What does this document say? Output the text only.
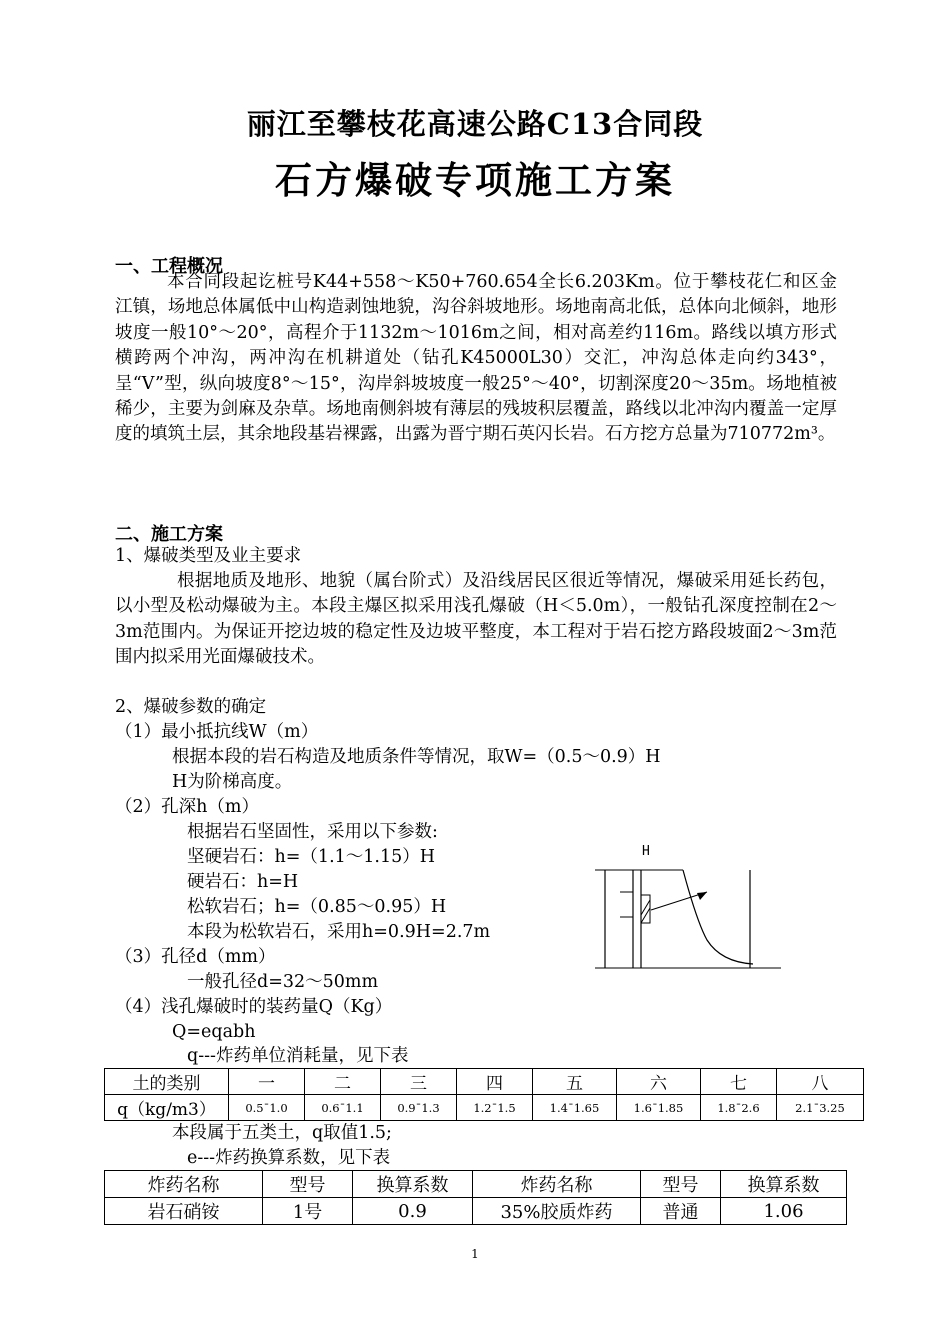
丽江至攀枝花高速公路C13合同段
石方爆破专项施工方案
一、工程概况
本合同段起讫桩号K44+558～K50+760.654全长6.203Km。位于攀枝花仁和区金江镇，场地总体属低中山构造剥蚀地貌，沟谷斜坡地形。场地南高北低，总体向北倾斜，地形坡度一般10°～20°，高程介于1132m～1016m之间，相对高差约116m。路线以填方形式横跨两个冲沟，两冲沟在机耕道处（钻孔K45000L30）交汇，冲沟总体走向约343°，呈“V”型，纵向坡度8°～15°，沟岸斜坡坡度一般25°～40°，切割深度20～35m。场地植被稀少，主要为剑麻及杂草。场地南侧斜坡有薄层的残坡积层覆盖，路线以北冲沟内覆盖一定厚度的填筑土层，其余地段基岩裸露，出露为晋宁期石英闪长岩。石方挖方总量为710772m³。
二、施工方案
1、爆破类型及业主要求
根据地质及地形、地貌（属台阶式）及沿线居民区很近等情况，爆破采用延长药包，以小型及松动爆破为主。本段主爆区拟采用浅孔爆破（H＜5.0m），一般钻孔深度控制在2～3m范围内。为保证开挖边坡的稳定性及边坡平整度，本工程对于岩石挖方路段坡面2～3m范围内拟采用光面爆破技术。
2、爆破参数的确定
（1）最小抵抗线W（m）
根据本段的岩石构造及地质条件等情况，取W=（0.5～0.9）H
H为阶梯高度。
（2）孔深h（m）
根据岩石坚固性，采用以下参数:
坚硬岩石：h=（1.1～1.15）H
硬岩石：h=H
松软岩石；h=（0.85～0.95）H
本段为松软岩石，采用h=0.9H=2.7m
（3）孔径d（mm）
一般孔径d=32～50mm
（4）浅孔爆破时的装药量Q（Kg）
Q=eqabh
q---炸药单位消耗量，见下表
H
土的类别	一	二	三	四	五	六	七	八
q（kg/m3）	0.5¯1.0	0.6¯1.1	0.9¯1.3	1.2¯1.5	1.4¯1.65	1.6¯1.85	1.8¯2.6	2.1¯3.25
本段属于五类土，q取值1.5;
e---炸药换算系数，见下表
炸药名称	型号	换算系数	炸药名称	型号	换算系数
岩石硝铵	1号	0.9	35%胶质炸药	普通	1.06
1
